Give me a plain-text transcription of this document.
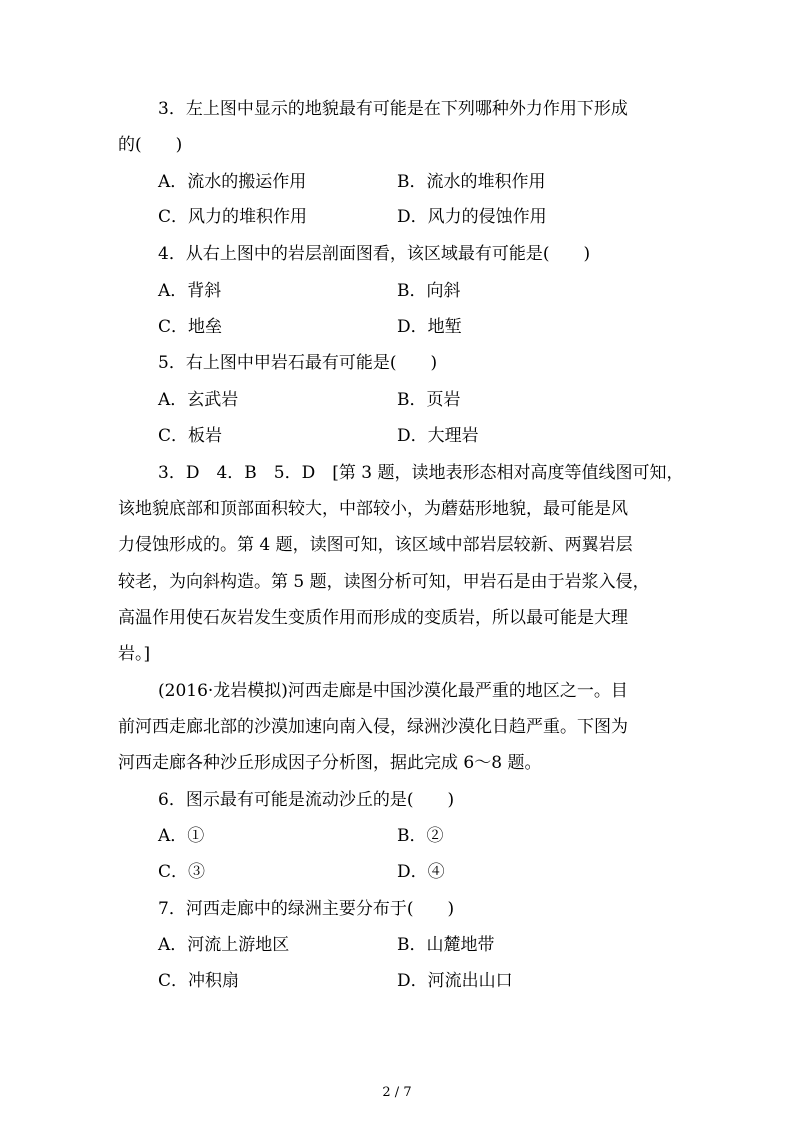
3．左上图中显示的地貌最有可能是在下列哪种外力作用下形成
的(　　)
A．流水的搬运作用	B．流水的堆积作用
C．风力的堆积作用	D．风力的侵蚀作用
4．从右上图中的岩层剖面图看，该区域最有可能是(　　)
A．背斜	B．向斜
C．地垒	D．地堑
5．右上图中甲岩石最有可能是(　　)
A．玄武岩	B．页岩
C．板岩	D．大理岩
3．D　4．B　5．D　[第 3 题，读地表形态相对高度等值线图可知，
该地貌底部和顶部面积较大，中部较小，为蘑菇形地貌，最可能是风
力侵蚀形成的。第 4 题，读图可知，该区域中部岩层较新、两翼岩层
较老，为向斜构造。第 5 题，读图分析可知，甲岩石是由于岩浆入侵，
高温作用使石灰岩发生变质作用而形成的变质岩，所以最可能是大理
岩。]
(2016·龙岩模拟)河西走廊是中国沙漠化最严重的地区之一。目
前河西走廊北部的沙漠加速向南入侵，绿洲沙漠化日趋严重。下图为
河西走廊各种沙丘形成因子分析图，据此完成 6～8 题。
6．图示最有可能是流动沙丘的是(　　)
A．①	B．②
C．③	D．④
7．河西走廊中的绿洲主要分布于(　　)
A．河流上游地区	B．山麓地带
C．冲积扇	D．河流出山口
2 / 7
